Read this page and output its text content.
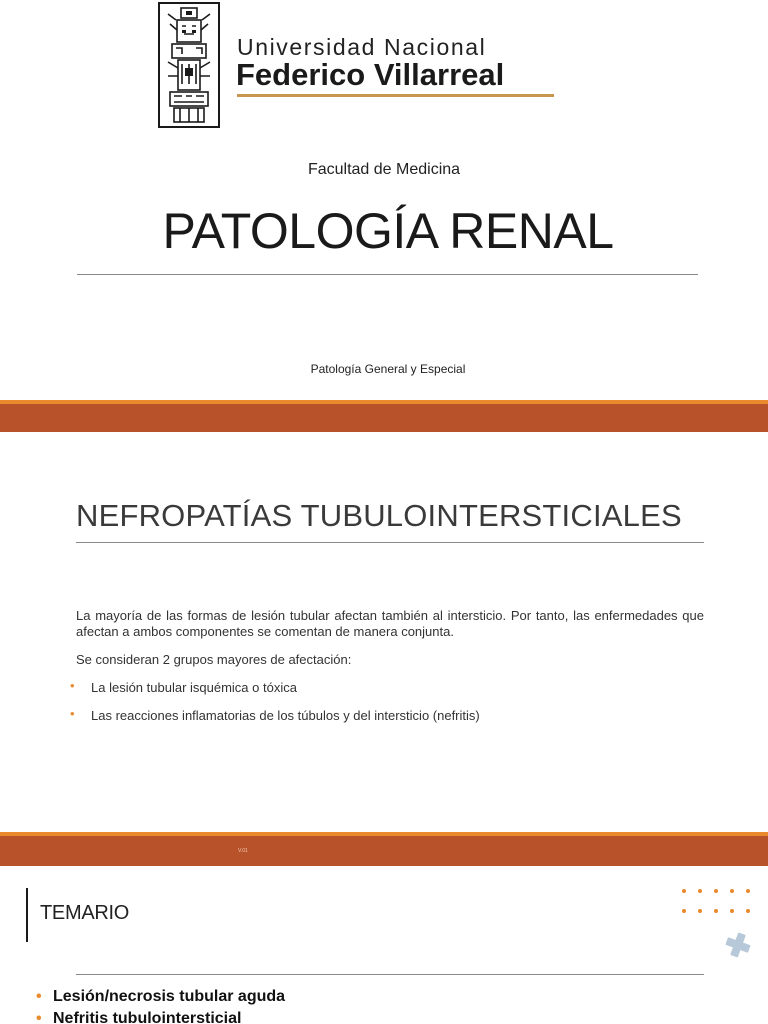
Universidad Nacional
Federico Villarreal
Facultad de Medicina
PATOLOGÍA RENAL
Patología General y Especial
NEFROPATÍAS TUBULOINTERSTICIALES

La mayoría de las formas de lesión tubular afectan también al intersticio. Por tanto, las enfermedades que afectan a ambos componentes se comentan de manera conjunta.

Se consideran 2 grupos mayores de afectación:

• La lesión tubular isquémica o tóxica
• Las reacciones inflamatorias de los túbulos y del intersticio (nefritis)
V.01
TEMARIO
• Lesión/necrosis tubular aguda
• Nefritis tubulointersticial
